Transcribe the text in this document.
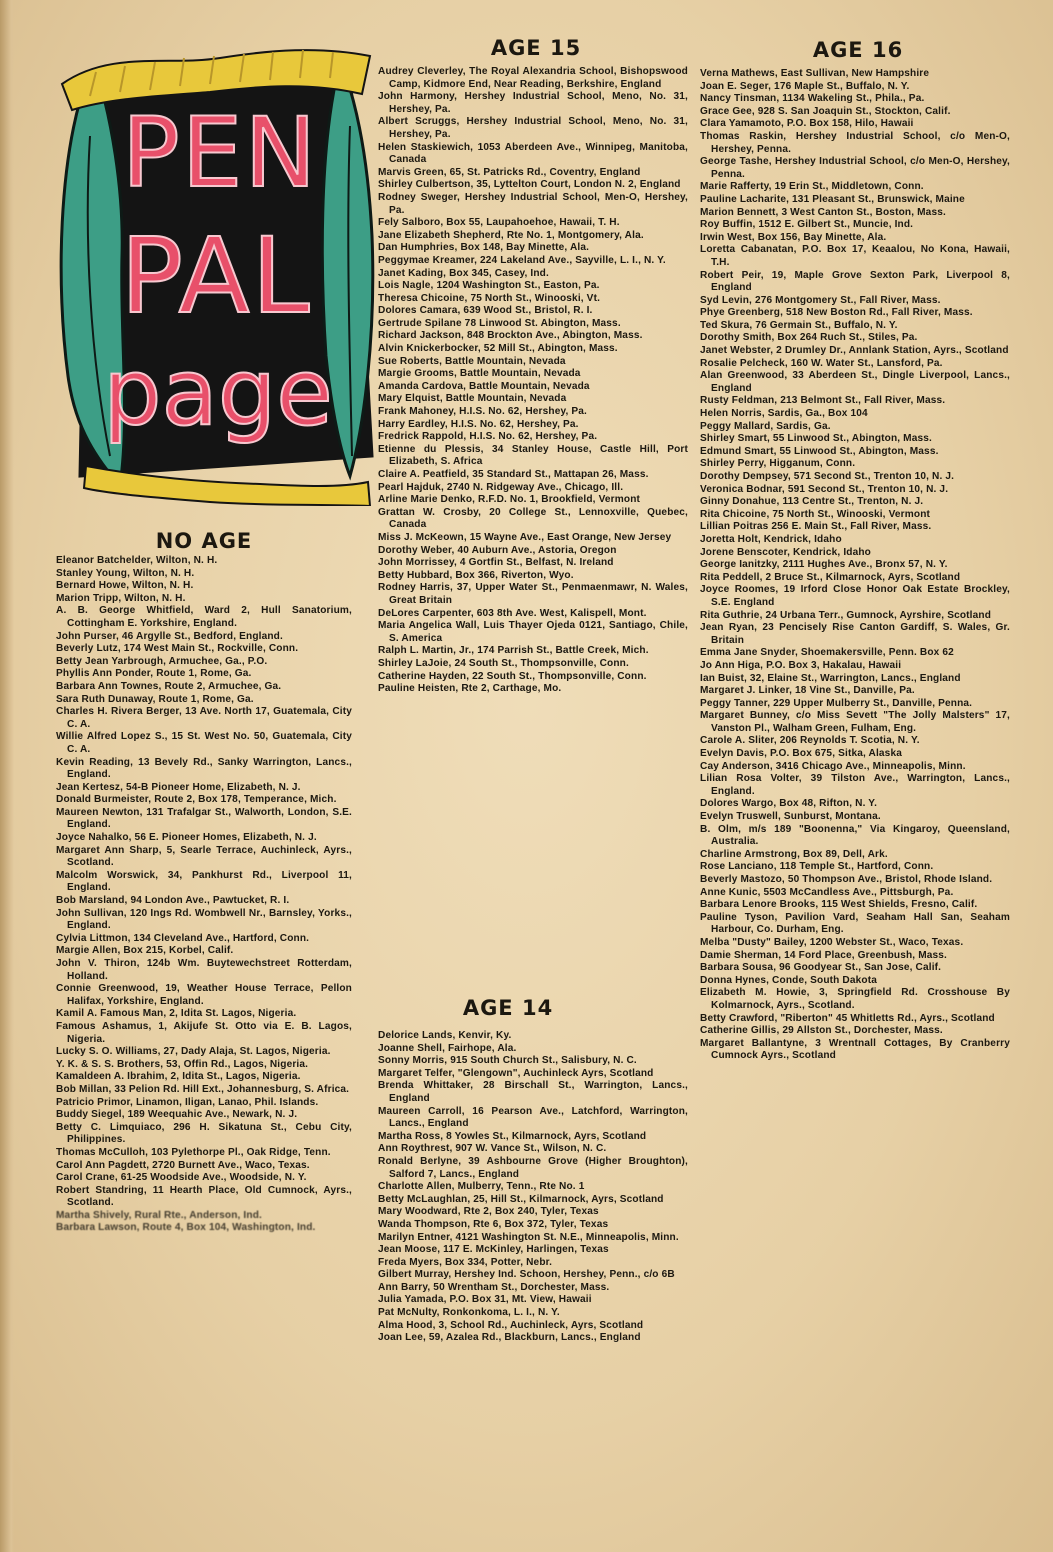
PEN
PAL
page
NO AGE
AGE 15	AGE 16
AGE 14

Eleanor Batchelder, Wilton, N. H.

Stanley Young, Wilton, N. H.

Bernard Howe, Wilton, N. H.

Marion Tripp, Wilton, N. H.

A. B. George Whitfield, Ward 2, Hull Sanatorium, Cottingham E. Yorkshire, England.

John Purser, 46 Argylle St., Bedford, England.

Beverly Lutz, 174 West Main St., Rockville, Conn.

Betty Jean Yarbrough, Armuchee, Ga., P.O.

Phyllis Ann Ponder, Route 1, Rome, Ga.

Barbara Ann Townes, Route 2, Armuchee, Ga.

Sara Ruth Dunaway, Route 1, Rome, Ga.

Charles H. Rivera Berger, 13 Ave. North 17, Guatemala, City C. A.

Willie Alfred Lopez S., 15 St. West No. 50, Guatemala, City C. A.

Kevin Reading, 13 Bevely Rd., Sanky Warrington, Lancs., England.

Jean Kertesz, 54-B Pioneer Home, Elizabeth, N. J.

Donald Burmeister, Route 2, Box 178, Temperance, Mich.

Maureen Newton, 131 Trafalgar St., Walworth, London, S.E. England.

Joyce Nahalko, 56 E. Pioneer Homes, Elizabeth, N. J.

Margaret Ann Sharp, 5, Searle Terrace, Auchinleck, Ayrs., Scotland.

Malcolm Worswick, 34, Pankhurst Rd., Liverpool 11, England.

Bob Marsland, 94 London Ave., Pawtucket, R. I.

John Sullivan, 120 Ings Rd. Wombwell Nr., Barnsley, Yorks., England.

Cylvia Littmon, 134 Cleveland Ave., Hartford, Conn.

Margie Allen, Box 215, Korbel, Calif.

John V. Thiron, 124b Wm. Buytewechstreet Rotterdam, Holland.

Connie Greenwood, 19, Weather House Terrace, Pellon Halifax, Yorkshire, England.

Kamil A. Famous Man, 2, Idita St. Lagos, Nigeria.

Famous Ashamus, 1, Akijufe St. Otto via E. B. Lagos, Nigeria.

Lucky S. O. Williams, 27, Dady Alaja, St. Lagos, Nigeria.

Y. K. & S. S. Brothers, 53, Offin Rd., Lagos, Nigeria.

Kamaldeen A. Ibrahim, 2, Idita St., Lagos, Nigeria.

Bob Millan, 33 Pelion Rd. Hill Ext., Johannesburg, S. Africa.

Patricio Primor, Linamon, Iligan, Lanao, Phil. Islands.

Buddy Siegel, 189 Weequahic Ave., Newark, N. J.

Betty C. Limquiaco, 296 H. Sikatuna St., Cebu City, Philippines.

Thomas McCulloh, 103 Pylethorpe Pl., Oak Ridge, Tenn.

Carol Ann Pagdett, 2720 Burnett Ave., Waco, Texas.

Carol Crane, 61-25 Woodside Ave., Woodside, N. Y.

Robert Standring, 11 Hearth Place, Old Cumnock, Ayrs., Scotland.

Martha Shively, Rural Rte., Anderson, Ind.

Barbara Lawson, Route 4, Box 104, Washington, Ind.

Audrey Cleverley, The Royal Alexandria School, Bishopswood Camp, Kidmore End, Near Reading, Berkshire, England

John Harmony, Hershey Industrial School, Meno, No. 31, Hershey, Pa.

Albert Scruggs, Hershey Industrial School, Meno, No. 31, Hershey, Pa.

Helen Staskiewich, 1053 Aberdeen Ave., Winnipeg, Manitoba, Canada

Marvis Green, 65, St. Patricks Rd., Coventry, England

Shirley Culbertson, 35, Lyttelton Court, London N. 2, England

Rodney Sweger, Hershey Industrial School, Men-O, Hershey, Pa.

Fely Salboro, Box 55, Laupahoehoe, Hawaii, T. H.

Jane Elizabeth Shepherd, Rte No. 1, Montgomery, Ala.

Dan Humphries, Box 148, Bay Minette, Ala.

Peggymae Kreamer, 224 Lakeland Ave., Sayville, L. I., N. Y.

Janet Kading, Box 345, Casey, Ind.

Lois Nagle, 1204 Washington St., Easton, Pa.

Theresa Chicoine, 75 North St., Winooski, Vt.

Dolores Camara, 639 Wood St., Bristol, R. I.

Gertrude Spilane 78 Linwood St. Abington, Mass.

Richard Jackson, 848 Brockton Ave., Abington, Mass.

Alvin Knickerbocker, 52 Mill St., Abington, Mass.

Sue Roberts, Battle Mountain, Nevada

Margie Grooms, Battle Mountain, Nevada

Amanda Cardova, Battle Mountain, Nevada

Mary Elquist, Battle Mountain, Nevada

Frank Mahoney, H.I.S. No. 62, Hershey, Pa.

Harry Eardley, H.I.S. No. 62, Hershey, Pa.

Fredrick Rappold, H.I.S. No. 62, Hershey, Pa.

Etienne du Plessis, 34 Stanley House, Castle Hill, Port Elizabeth, S. Africa

Claire A. Peatfield, 35 Standard St., Mattapan 26, Mass.

Pearl Hajduk, 2740 N. Ridgeway Ave., Chicago, Ill.

Arline Marie Denko, R.F.D. No. 1, Brookfield, Vermont

Grattan W. Crosby, 20 College St., Lennoxville, Quebec, Canada

Miss J. McKeown, 15 Wayne Ave., East Orange, New Jersey

Dorothy Weber, 40 Auburn Ave., Astoria, Oregon

John Morrissey, 4 Gortfin St., Belfast, N. Ireland

Betty Hubbard, Box 366, Riverton, Wyo.

Rodney Harris, 37, Upper Water St., Penmaenmawr, N. Wales, Great Britain

DeLores Carpenter, 603 8th Ave. West, Kalispell, Mont.

Maria Angelica Wall, Luis Thayer Ojeda 0121, Santiago, Chile, S. America

Ralph L. Martin, Jr., 174 Parrish St., Battle Creek, Mich.

Shirley LaJoie, 24 South St., Thompsonville, Conn.

Catherine Hayden, 22 South St., Thompsonville, Conn.

Pauline Heisten, Rte 2, Carthage, Mo.

Delorice Lands, Kenvir, Ky.

Joanne Shell, Fairhope, Ala.

Sonny Morris, 915 South Church St., Salisbury, N. C.

Margaret Telfer, "Glengown", Auchinleck Ayrs, Scotland

Brenda Whittaker, 28 Birschall St., Warrington, Lancs., England

Maureen Carroll, 16 Pearson Ave., Latchford, Warrington, Lancs., England

Martha Ross, 8 Yowles St., Kilmarnock, Ayrs, Scotland

Ann Roythrest, 907 W. Vance St., Wilson, N. C.

Ronald Berlyne, 39 Ashbourne Grove (Higher Broughton), Salford 7, Lancs., England

Charlotte Allen, Mulberry, Tenn., Rte No. 1

Betty McLaughlan, 25, Hill St., Kilmarnock, Ayrs, Scotland

Mary Woodward, Rte 2, Box 240, Tyler, Texas

Wanda Thompson, Rte 6, Box 372, Tyler, Texas

Marilyn Entner, 4121 Washington St. N.E., Minneapolis, Minn.

Jean Moose, 117 E. McKinley, Harlingen, Texas

Freda Myers, Box 334, Potter, Nebr.

Gilbert Murray, Hershey Ind. Schoon, Hershey, Penn., c/o 6B

Ann Barry, 50 Wrentham St., Dorchester, Mass.

Julia Yamada, P.O. Box 31, Mt. View, Hawaii

Pat McNulty, Ronkonkoma, L. I., N. Y.

Alma Hood, 3, School Rd., Auchinleck, Ayrs, Scotland

Joan Lee, 59, Azalea Rd., Blackburn, Lancs., England

Verna Mathews, East Sullivan, New Hampshire

Joan E. Seger, 176 Maple St., Buffalo, N. Y.

Nancy Tinsman, 1134 Wakeling St., Phila., Pa.

Grace Gee, 928 S. San Joaquin St., Stockton, Calif.

Clara Yamamoto, P.O. Box 158, Hilo, Hawaii

Thomas Raskin, Hershey Industrial School, c/o Men-O, Hershey, Penna.

George Tashe, Hershey Industrial School, c/o Men-O, Hershey, Penna.

Marie Rafferty, 19 Erin St., Middletown, Conn.

Pauline Lacharite, 131 Pleasant St., Brunswick, Maine

Marion Bennett, 3 West Canton St., Boston, Mass.

Roy Buffin, 1512 E. Gilbert St., Muncie, Ind.

Irwin West, Box 156, Bay Minette, Ala.

Loretta Cabanatan, P.O. Box 17, Keaalou, No Kona, Hawaii, T.H.

Robert Peir, 19, Maple Grove Sexton Park, Liverpool 8, England

Syd Levin, 276 Montgomery St., Fall River, Mass.

Phye Greenberg, 518 New Boston Rd., Fall River, Mass.

Ted Skura, 76 Germain St., Buffalo, N. Y.

Dorothy Smith, Box 264 Ruch St., Stiles, Pa.

Janet Webster, 2 Drumley Dr., Annlank Station, Ayrs., Scotland

Rosalie Pelcheck, 160 W. Water St., Lansford, Pa.

Alan Greenwood, 33 Aberdeen St., Dingle Liverpool, Lancs., England

Rusty Feldman, 213 Belmont St., Fall River, Mass.

Helen Norris, Sardis, Ga., Box 104

Peggy Mallard, Sardis, Ga.

Shirley Smart, 55 Linwood St., Abington, Mass.

Edmund Smart, 55 Linwood St., Abington, Mass.

Shirley Perry, Higganum, Conn.

Dorothy Dempsey, 571 Second St., Trenton 10, N. J.

Veronica Bodnar, 591 Second St., Trenton 10, N. J.

Ginny Donahue, 113 Centre St., Trenton, N. J.

Rita Chicoine, 75 North St., Winooski, Vermont

Lillian Poitras 256 E. Main St., Fall River, Mass.

Joretta Holt, Kendrick, Idaho

Jorene Benscoter, Kendrick, Idaho

George Ianitzky, 2111 Hughes Ave., Bronx 57, N. Y.

Rita Peddell, 2 Bruce St., Kilmarnock, Ayrs, Scotland

Joyce Roomes, 19 Irford Close Honor Oak Estate Brockley, S.E. England

Rita Guthrie, 24 Urbana Terr., Gumnock, Ayrshire, Scotland

Jean Ryan, 23 Pencisely Rise Canton Gardiff, S. Wales, Gr. Britain

Emma Jane Snyder, Shoemakersville, Penn. Box 62

Jo Ann Higa, P.O. Box 3, Hakalau, Hawaii

Ian Buist, 32, Elaine St., Warrington, Lancs., England

Margaret J. Linker, 18 Vine St., Danville, Pa.

Peggy Tanner, 229 Upper Mulberry St., Danville, Penna.

Margaret Bunney, c/o Miss Sevett "The Jolly Malsters" 17, Vanston Pl., Walham Green, Fulham, Eng.

Carole A. Sliter, 206 Reynolds T. Scotia, N. Y.

Evelyn Davis, P.O. Box 675, Sitka, Alaska

Cay Anderson, 3416 Chicago Ave., Minneapolis, Minn.

Lilian Rosa Volter, 39 Tilston Ave., Warrington, Lancs., England.

Dolores Wargo, Box 48, Rifton, N. Y.

Evelyn Truswell, Sunburst, Montana.

B. Olm, m/s 189 "Boonenna," Via Kingaroy, Queensland, Australia.

Charline Armstrong, Box 89, Dell, Ark.

Rose Lanciano, 118 Temple St., Hartford, Conn.

Beverly Mastozo, 50 Thompson Ave., Bristol, Rhode Island.

Anne Kunic, 5503 McCandless Ave., Pittsburgh, Pa.

Barbara Lenore Brooks, 115 West Shields, Fresno, Calif.

Pauline Tyson, Pavilion Vard, Seaham Hall San, Seaham Harbour, Co. Durham, Eng.

Melba "Dusty" Bailey, 1200 Webster St., Waco, Texas.

Damie Sherman, 14 Ford Place, Greenbush, Mass.

Barbara Sousa, 96 Goodyear St., San Jose, Calif.

Donna Hynes, Conde, South Dakota

Elizabeth M. Howie, 3, Springfield Rd. Crosshouse By Kolmarnock, Ayrs., Scotland.

Betty Crawford, "Riberton" 45 Whitletts Rd., Ayrs., Scotland

Catherine Gillis, 29 Allston St., Dorchester, Mass.

Margaret Ballantyne, 3 Wrentnall Cottages, By Cranberry Cumnock Ayrs., Scotland
